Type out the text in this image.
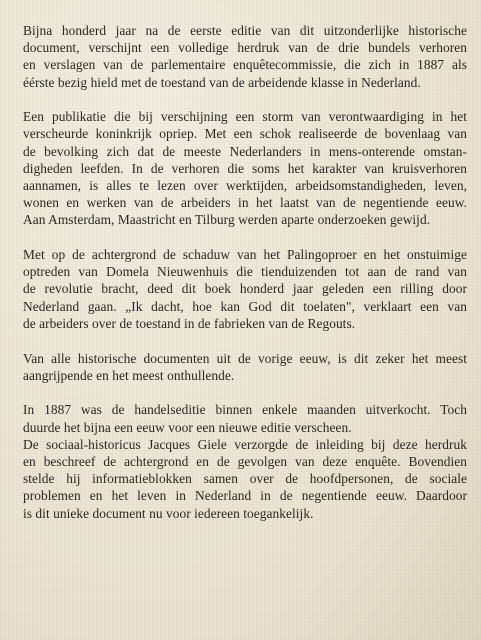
Bijna honderd jaar na de eerste editie van dit uitzonderlijke historische
document, verschijnt een volledige herdruk van de drie bundels verhoren
en verslagen van de parlementaire enquêtecommissie, die zich in 1887 als
éérste bezig hield met de toestand van de arbeidende klasse in Nederland.

Een publikatie die bij verschijning een storm van verontwaardiging in het
verscheurde koninkrijk opriep. Met een schok realiseerde de bovenlaag van
de bevolking zich dat de meeste Nederlanders in mens-onterende omstan-
digheden leefden. In de verhoren die soms het karakter van kruisverhoren
aannamen, is alles te lezen over werktijden, arbeidsomstandigheden, leven,
wonen en werken van de arbeiders in het laatst van de negentiende eeuw.
Aan Amsterdam, Maastricht en Tilburg werden aparte onderzoeken gewijd.

Met op de achtergrond de schaduw van het Palingoproer en het onstuimige
optreden van Domela Nieuwenhuis die tienduizenden tot aan de rand van
de revolutie bracht, deed dit boek honderd jaar geleden een rilling door
Nederland gaan. „Ik dacht, hoe kan God dit toelaten", verklaart een van
de arbeiders over de toestand in de fabrieken van de Regouts.

Van alle historische documenten uit de vorige eeuw, is dit zeker het meest
aangrijpende en het meest onthullende.

In 1887 was de handelseditie binnen enkele maanden uitverkocht. Toch
duurde het bijna een eeuw voor een nieuwe editie verscheen.
De sociaal-historicus Jacques Giele verzorgde de inleiding bij deze herdruk
en beschreef de achtergrond en de gevolgen van deze enquête. Bovendien
stelde hij informatieblokken samen over de hoofdpersonen, de sociale
problemen en het leven in Nederland in de negentiende eeuw. Daardoor
is dit unieke document nu voor iedereen toegankelijk.
